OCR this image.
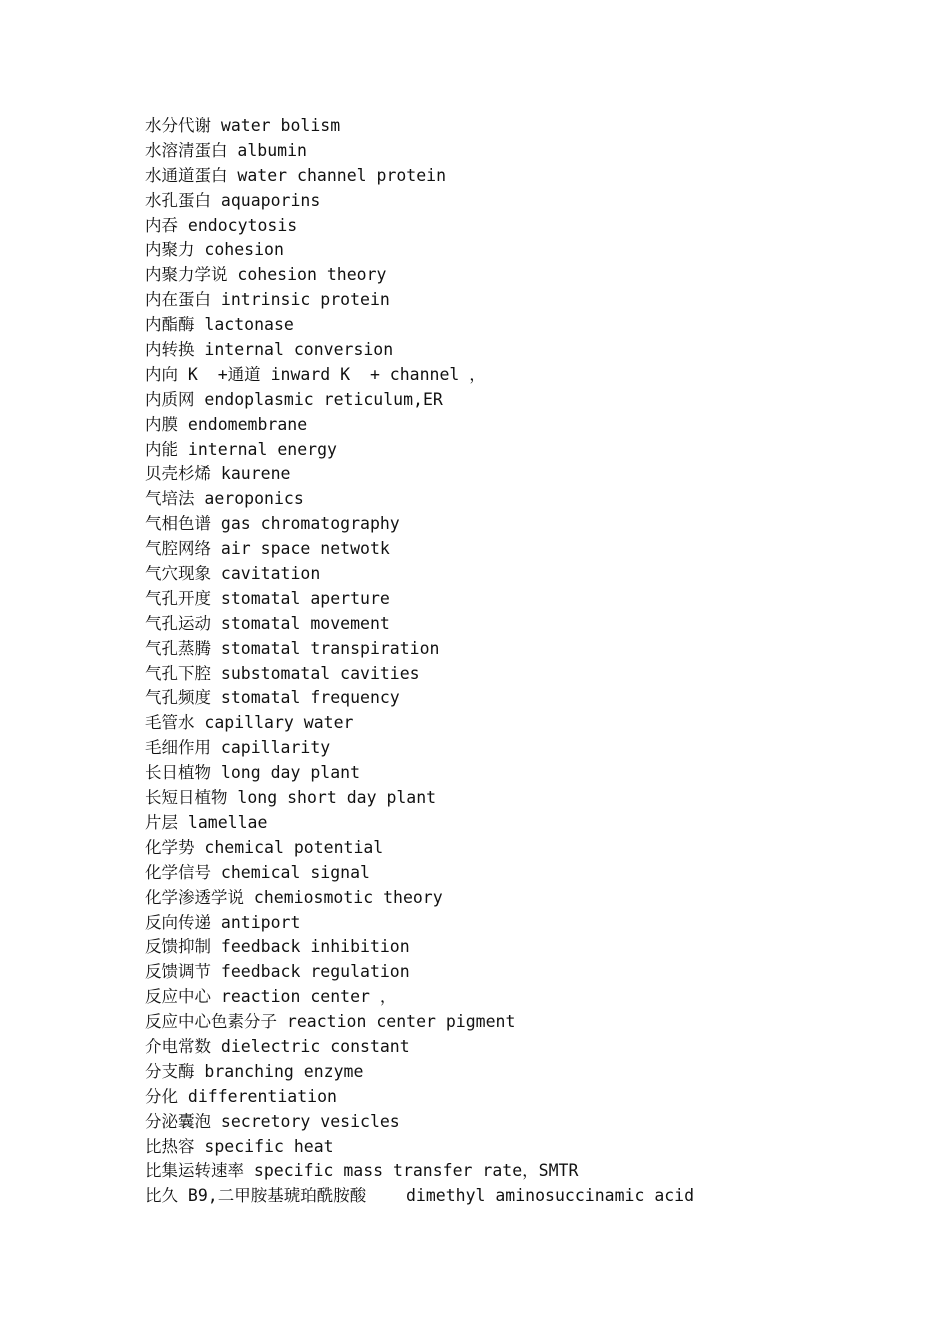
水分代谢 water bolism
水溶清蛋白 albumin
水通道蛋白 water channel protein
水孔蛋白 aquaporins
内吞 endocytosis
内聚力 cohesion
内聚力学说 cohesion theory
内在蛋白 intrinsic protein
内酯酶 lactonase
内转换 internal conversion
内向 K  +通道 inward K  + channel ，
内质网 endoplasmic reticulum,ER
内膜 endomembrane
内能 internal energy
贝壳杉烯 kaurene
气培法 aeroponics
气相色谱 gas chromatography
气腔网络 air space netwotk
气穴现象 cavitation
气孔开度 stomatal aperture
气孔运动 stomatal movement
气孔蒸腾 stomatal transpiration
气孔下腔 substomatal cavities
气孔频度 stomatal frequency
毛管水 capillary water
毛细作用 capillarity
长日植物 long day plant
长短日植物 long short day plant
片层 lamellae
化学势 chemical potential
化学信号 chemical signal
化学渗透学说 chemiosmotic theory
反向传递 antiport
反馈抑制 feedback inhibition
反馈调节 feedback regulation
反应中心 reaction center ，
反应中心色素分子 reaction center pigment
介电常数 dielectric constant
分支酶 branching enzyme
分化 differentiation
分泌囊泡 secretory vesicles
比热容 specific heat
比集运转速率 specific mass transfer rate，SMTR
比久 B9,二甲胺基琥珀酰胺酸    dimethyl aminosuccinamic acid
